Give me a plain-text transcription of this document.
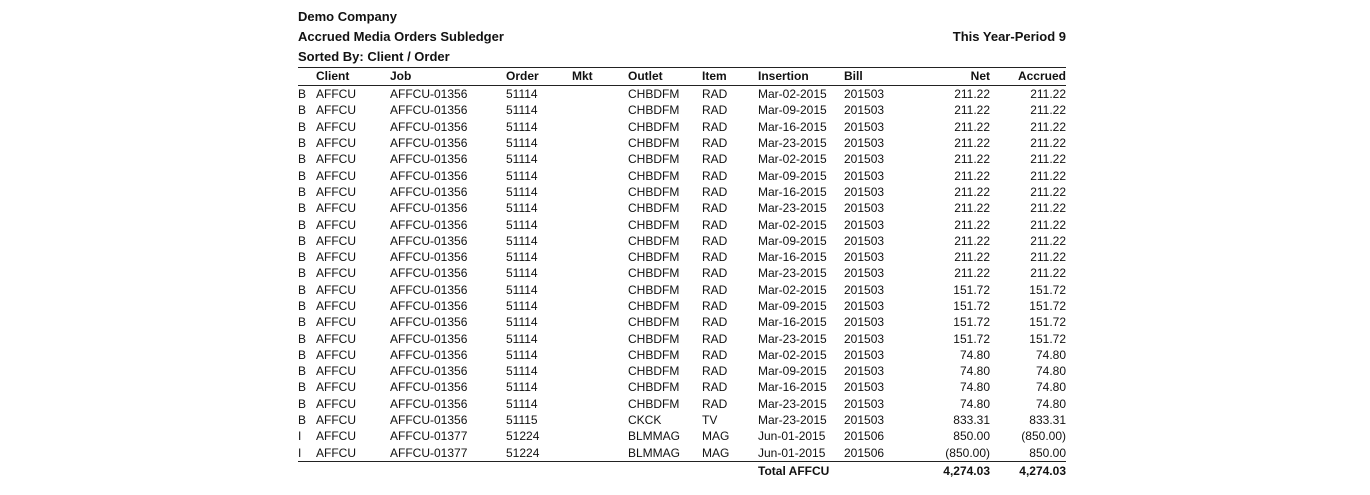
Demo Company
Accrued Media Orders Subledger	This Year-Period 9
Sorted By: Client / Order
	Client	Job	Order	Mkt	Outlet	Item	Insertion	Bill	Net	Accrued
B	AFFCU	AFFCU-01356	51114		CHBDFM	RAD	Mar-02-2015	201503	211.22	211.22
B	AFFCU	AFFCU-01356	51114		CHBDFM	RAD	Mar-09-2015	201503	211.22	211.22
B	AFFCU	AFFCU-01356	51114		CHBDFM	RAD	Mar-16-2015	201503	211.22	211.22
B	AFFCU	AFFCU-01356	51114		CHBDFM	RAD	Mar-23-2015	201503	211.22	211.22
B	AFFCU	AFFCU-01356	51114		CHBDFM	RAD	Mar-02-2015	201503	211.22	211.22
B	AFFCU	AFFCU-01356	51114		CHBDFM	RAD	Mar-09-2015	201503	211.22	211.22
B	AFFCU	AFFCU-01356	51114		CHBDFM	RAD	Mar-16-2015	201503	211.22	211.22
B	AFFCU	AFFCU-01356	51114		CHBDFM	RAD	Mar-23-2015	201503	211.22	211.22
B	AFFCU	AFFCU-01356	51114		CHBDFM	RAD	Mar-02-2015	201503	211.22	211.22
B	AFFCU	AFFCU-01356	51114		CHBDFM	RAD	Mar-09-2015	201503	211.22	211.22
B	AFFCU	AFFCU-01356	51114		CHBDFM	RAD	Mar-16-2015	201503	211.22	211.22
B	AFFCU	AFFCU-01356	51114		CHBDFM	RAD	Mar-23-2015	201503	211.22	211.22
B	AFFCU	AFFCU-01356	51114		CHBDFM	RAD	Mar-02-2015	201503	151.72	151.72
B	AFFCU	AFFCU-01356	51114		CHBDFM	RAD	Mar-09-2015	201503	151.72	151.72
B	AFFCU	AFFCU-01356	51114		CHBDFM	RAD	Mar-16-2015	201503	151.72	151.72
B	AFFCU	AFFCU-01356	51114		CHBDFM	RAD	Mar-23-2015	201503	151.72	151.72
B	AFFCU	AFFCU-01356	51114		CHBDFM	RAD	Mar-02-2015	201503	74.80	74.80
B	AFFCU	AFFCU-01356	51114		CHBDFM	RAD	Mar-09-2015	201503	74.80	74.80
B	AFFCU	AFFCU-01356	51114		CHBDFM	RAD	Mar-16-2015	201503	74.80	74.80
B	AFFCU	AFFCU-01356	51114		CHBDFM	RAD	Mar-23-2015	201503	74.80	74.80
B	AFFCU	AFFCU-01356	51115		CKCK	TV	Mar-23-2015	201503	833.31	833.31
I	AFFCU	AFFCU-01377	51224		BLMMAG	MAG	Jun-01-2015	201506	850.00	(850.00)
I	AFFCU	AFFCU-01377	51224		BLMMAG	MAG	Jun-01-2015	201506	(850.00)	850.00
							Total AFFCU		4,274.03	4,274.03
